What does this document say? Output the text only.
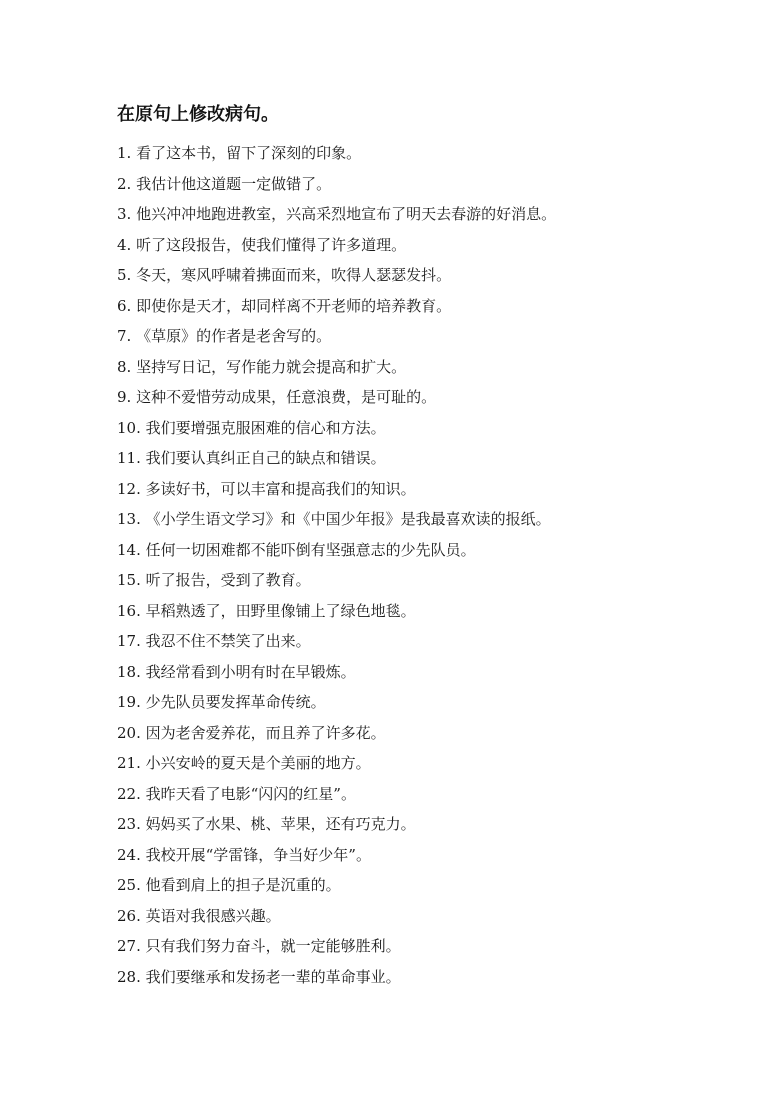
在原句上修改病句。
1. 看了这本书，留下了深刻的印象。
2. 我估计他这道题一定做错了。
3. 他兴冲冲地跑进教室，兴高采烈地宣布了明天去春游的好消息。
4. 听了这段报告，使我们懂得了许多道理。
5. 冬天，寒风呼啸着拂面而来，吹得人瑟瑟发抖。
6. 即使你是天才，却同样离不开老师的培养教育。
7. 《草原》的作者是老舍写的。
8. 坚持写日记，写作能力就会提高和扩大。
9. 这种不爱惜劳动成果，任意浪费，是可耻的。
10. 我们要增强克服困难的信心和方法。
11. 我们要认真纠正自己的缺点和错误。
12. 多读好书，可以丰富和提高我们的知识。
13. 《小学生语文学习》和《中国少年报》是我最喜欢读的报纸。
14. 任何一切困难都不能吓倒有坚强意志的少先队员。
15. 听了报告，受到了教育。
16. 早稻熟透了，田野里像铺上了绿色地毯。
17. 我忍不住不禁笑了出来。
18. 我经常看到小明有时在早锻炼。
19. 少先队员要发挥革命传统。
20. 因为老舍爱养花，而且养了许多花。
21. 小兴安岭的夏天是个美丽的地方。
22. 我昨天看了电影“闪闪的红星”。
23. 妈妈买了水果、桃、苹果，还有巧克力。
24. 我校开展“学雷锋，争当好少年”。
25. 他看到肩上的担子是沉重的。
26. 英语对我很感兴趣。
27. 只有我们努力奋斗，就一定能够胜利。
28. 我们要继承和发扬老一辈的革命事业。
